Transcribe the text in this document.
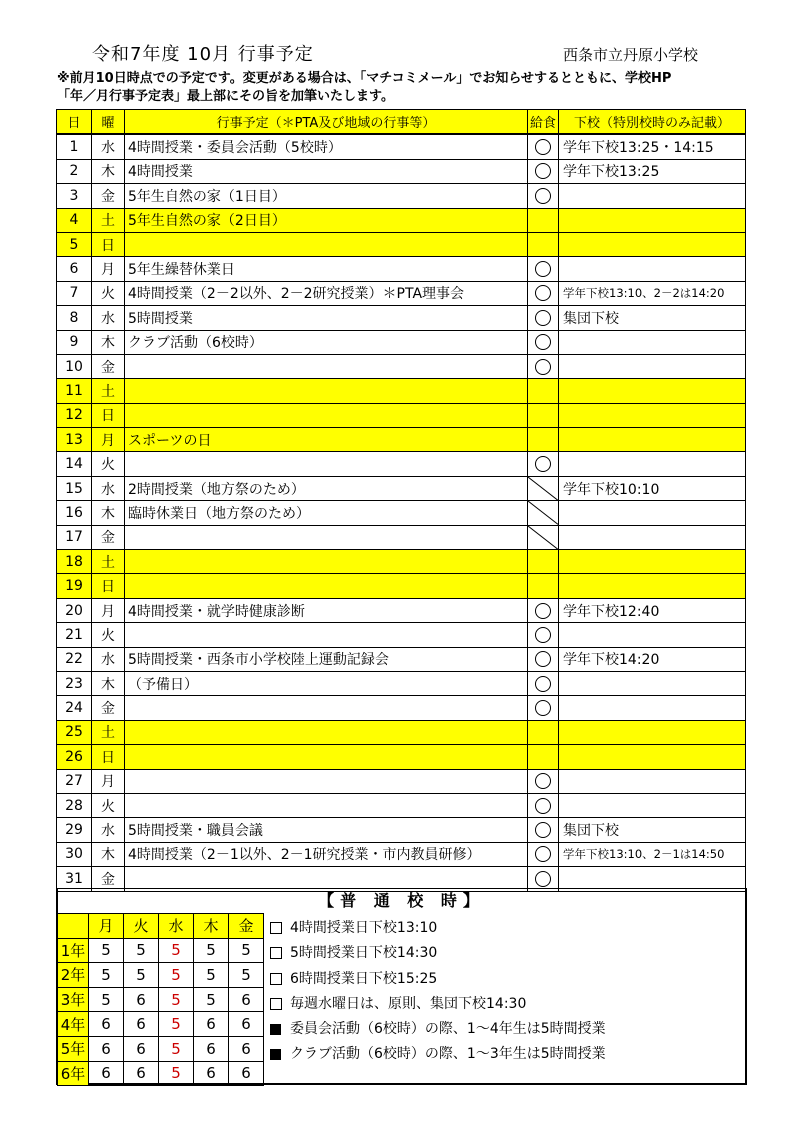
令和7年度 10月 行事予定	西条市立丹原小学校
※前月10日時点での予定です。変更がある場合は、「マチコミメール」でお知らせするとともに、学校HP
「年／月行事予定表」最上部にその旨を加筆いたします。
日	曜	行事予定（＊PTA及び地域の行事等）	給食	下校（特別校時のみ記載）
1	水	4時間授業・委員会活動（5校時）		学年下校13:25・14:15
2	木	4時間授業		学年下校13:25
3	金	5年生自然の家（1日目）		
4	土	5年生自然の家（2日目）		
5	日			
6	月	5年生繰替休業日		
7	火	4時間授業（2－2以外、2－2研究授業）＊PTA理事会		学年下校13:10、2－2は14:20
8	水	5時間授業		集団下校
9	木	クラブ活動（6校時）		
10	金			
11	土			
12	日			
13	月	スポーツの日		
14	火			
15	水	2時間授業（地方祭のため）		学年下校10:10
16	木	臨時休業日（地方祭のため）	

17	金		

18	土			
19	日			
20	月	4時間授業・就学時健康診断		学年下校12:40
21	火			
22	水	5時間授業・西条市小学校陸上運動記録会		学年下校14:20
23	木	（予備日）		
24	金			
25	土			
26	日			
27	月			
28	火			
29	水	5時間授業・職員会議		集団下校
30	木	4時間授業（2－1以外、2－1研究授業・市内教員研修）		学年下校13:10、2－1は14:50
31	金			
【普 通 校 時】
	月	火	水	木	金
1年	5	5	5	5	5
2年	5	5	5	5	5
3年	5	6	5	5	6
4年	6	6	5	6	6
5年	6	6	5	6	6
6年	6	6	5	6	6
4時間授業日下校13:10
5時間授業日下校14:30
6時間授業日下校15:25
毎週水曜日は、原則、集団下校14:30
委員会活動（6校時）の際、1～4年生は5時間授業
クラブ活動（6校時）の際、1～3年生は5時間授業
